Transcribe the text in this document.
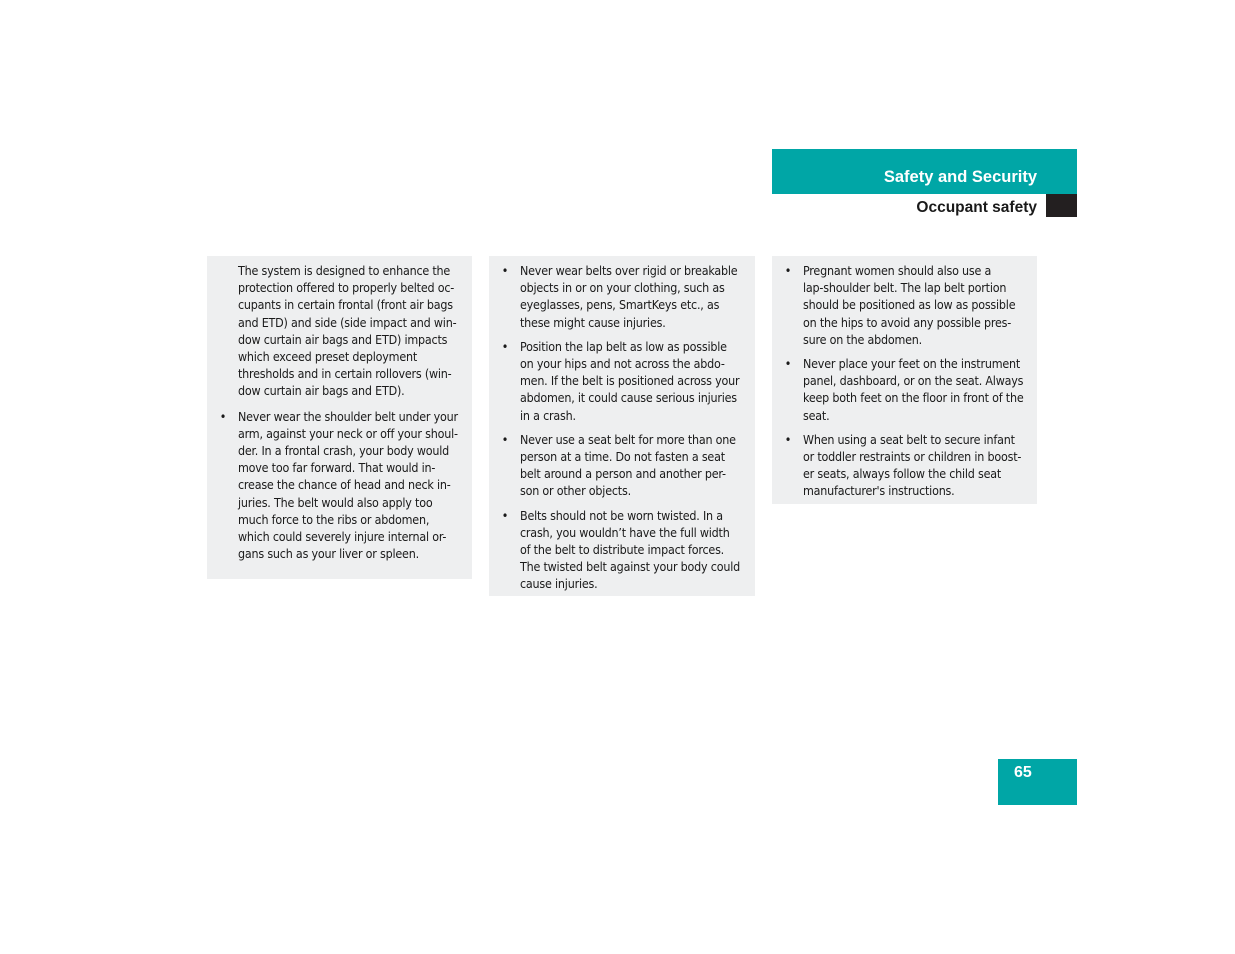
Safety and Security
Occupant safety
The system is designed to enhance the
protection offered to properly belted oc-
cupants in certain frontal (front air bags
and ETD) and side (side impact and win-
dow curtain air bags and ETD) impacts
which exceed preset deployment
thresholds and in certain rollovers (win-
dow curtain air bags and ETD).
• Never wear the shoulder belt under your
arm, against your neck or off your shoul-
der. In a frontal crash, your body would
move too far forward. That would in-
crease the chance of head and neck in-
juries. The belt would also apply too
much force to the ribs or abdomen,
which could severely injure internal or-
gans such as your liver or spleen.
• Never wear belts over rigid or breakable
objects in or on your clothing, such as
eyeglasses, pens, SmartKeys etc., as
these might cause injuries.
• Position the lap belt as low as possible
on your hips and not across the abdo-
men. If the belt is positioned across your
abdomen, it could cause serious injuries
in a crash.
• Never use a seat belt for more than one
person at a time. Do not fasten a seat
belt around a person and another per-
son or other objects.
• Belts should not be worn twisted. In a
crash, you wouldn’t have the full width
of the belt to distribute impact forces.
The twisted belt against your body could
cause injuries.
• Pregnant women should also use a
lap-shoulder belt. The lap belt portion
should be positioned as low as possible
on the hips to avoid any possible pres-
sure on the abdomen.
• Never place your feet on the instrument
panel, dashboard, or on the seat. Always
keep both feet on the floor in front of the
seat.
• When using a seat belt to secure infant
or toddler restraints or children in boost-
er seats, always follow the child seat
manufacturer's instructions.
65
